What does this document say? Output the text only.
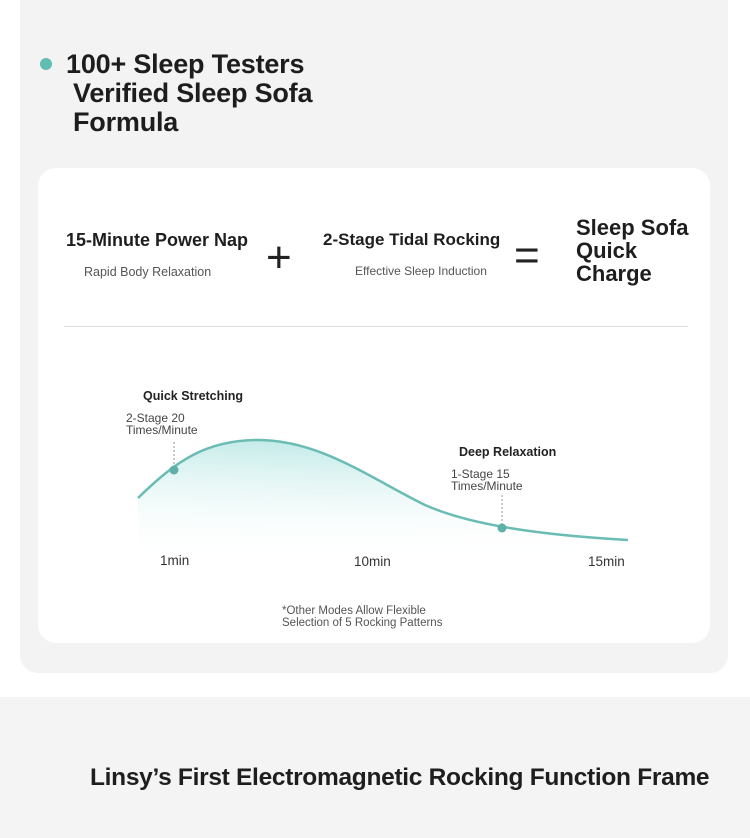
100+ Sleep Testers
Verified Sleep Sofa
Formula
15-Minute Power Nap
Rapid Body Relaxation	+ 2-Stage Tidal Rocking
Effective Sleep Induction =
Sleep Sofa
Quick
Charge
Quick Stretching
2-Stage 20
Times/Minute
Deep Relaxation
1-Stage 15
Times/Minute
1min	10min	15min
*Other Modes Allow Flexible
Selection of 5 Rocking Patterns
Linsy’s First Electromagnetic Rocking Function Frame
